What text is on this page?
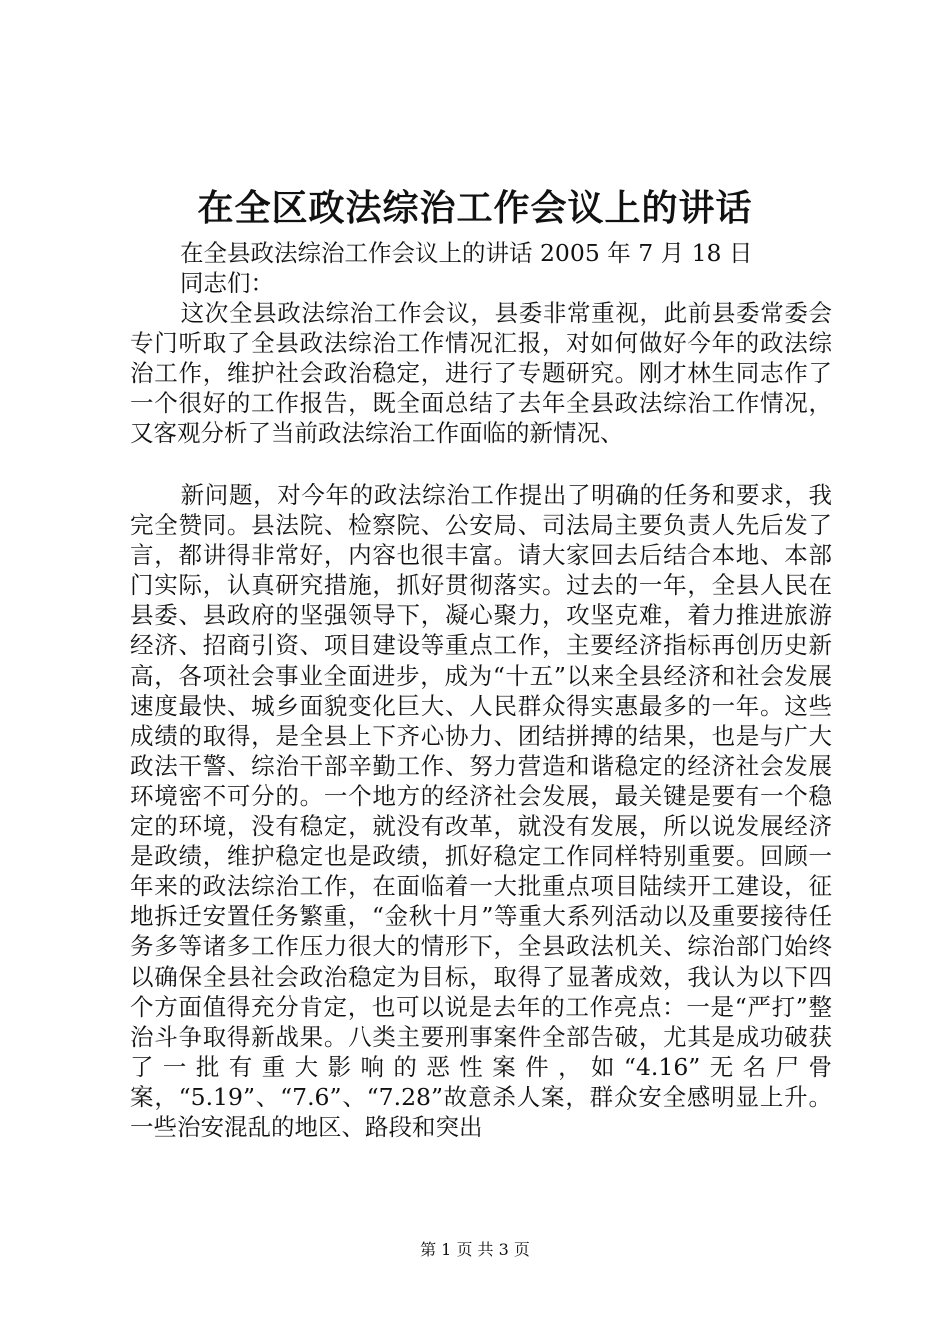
在全区政法综治工作会议上的讲话
在全县政法综治工作会议上的讲话 2005 年 7 月 18 日
同志们：

这次全县政法综治工作会议，县委非常重视，此前县委常委会专门听取了全县政法综治工作情况汇报，对如何做好今年的政法综治工作，维护社会政治稳定，进行了专题研究。刚才林生同志作了一个很好的工作报告，既全面总结了去年全县政法综治工作情况，又客观分析了当前政法综治工作面临的新情况、

新问题，对今年的政法综治工作提出了明确的任务和要求，我完全赞同。县法院、检察院、公安局、司法局主要负责人先后发了言，都讲得非常好，内容也很丰富。请大家回去后结合本地、本部门实际，认真研究措施，抓好贯彻落实。过去的一年，全县人民在县委、县政府的坚强领导下，凝心聚力，攻坚克难，着力推进旅游经济、招商引资、项目建设等重点工作，主要经济指标再创历史新高，各项社会事业全面进步，成为“十五”以来全县经济和社会发展速度最快、城乡面貌变化巨大、人民群众得实惠最多的一年。这些成绩的取得，是全县上下齐心协力、团结拼搏的结果，也是与广大政法干警、综治干部辛勤工作、努力营造和谐稳定的经济社会发展环境密不可分的。一个地方的经济社会发展，最关键是要有一个稳定的环境，没有稳定，就没有改革，就没有发展，所以说发展经济是政绩，维护稳定也是政绩，抓好稳定工作同样特别重要。回顾一年来的政法综治工作，在面临着一大批重点项目陆续开工建设，征地拆迁安置任务繁重，“金秋十月”等重大系列活动以及重要接待任务多等诸多工作压力很大的情形下，全县政法机关、综治部门始终以确保全县社会政治稳定为目标，取得了显著成效，我认为以下四个方面值得充分肯定，也可以说是去年的工作亮点：一是“严打”整治斗争取得新战果。八类主要刑事案件全部告破，尤其是成功破获了一批有重大影响的恶性案件，如“4.16”无名尸骨案，“5.19”、“7.6”、“7.28”故意杀人案，群众安全感明显上升。一些治安混乱的地区、路段和突出

第 1 页 共 3 页
